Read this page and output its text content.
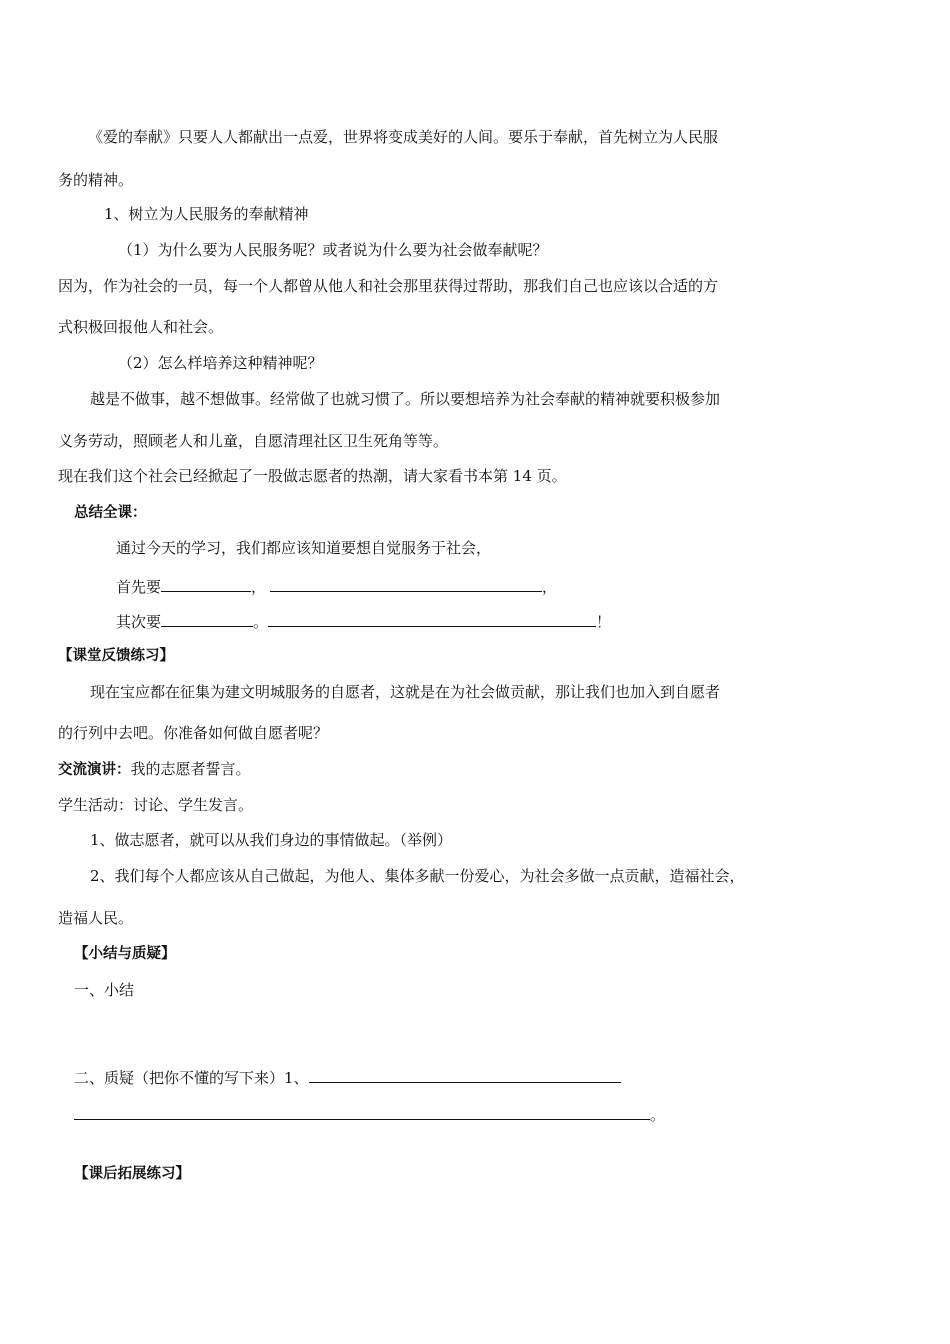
《爱的奉献》只要人人都献出一点爱，世界将变成美好的人间。要乐于奉献，首先树立为人民服
务的精神。
1、树立为人民服务的奉献精神
（1）为什么要为人民服务呢？或者说为什么要为社会做奉献呢？
因为，作为社会的一员，每一个人都曾从他人和社会那里获得过帮助，那我们自己也应该以合适的方
式积极回报他人和社会。
（2）怎么样培养这种精神呢？
越是不做事，越不想做事。经常做了也就习惯了。所以要想培养为社会奉献的精神就要积极参加
义务劳动，照顾老人和儿童，自愿清理社区卫生死角等等。
现在我们这个社会已经掀起了一股做志愿者的热潮，请大家看书本第 14 页。
总结全课：
通过今天的学习，我们都应该知道要想自觉服务于社会，
首先要	，	，
其次要	。	！
【课堂反馈练习】
现在宝应都在征集为建文明城服务的自愿者，这就是在为社会做贡献，那让我们也加入到自愿者
的行列中去吧。你准备如何做自愿者呢？
交流演讲：我的志愿者誓言。
学生活动：讨论、学生发言。
1、做志愿者，就可以从我们身边的事情做起。（举例）
2、我们每个人都应该从自己做起，为他人、集体多献一份爱心，为社会多做一点贡献，造福社会，
造福人民。
【小结与质疑】
一、小结
二、质疑（把你不懂的写下来）1、
。
【课后拓展练习】
